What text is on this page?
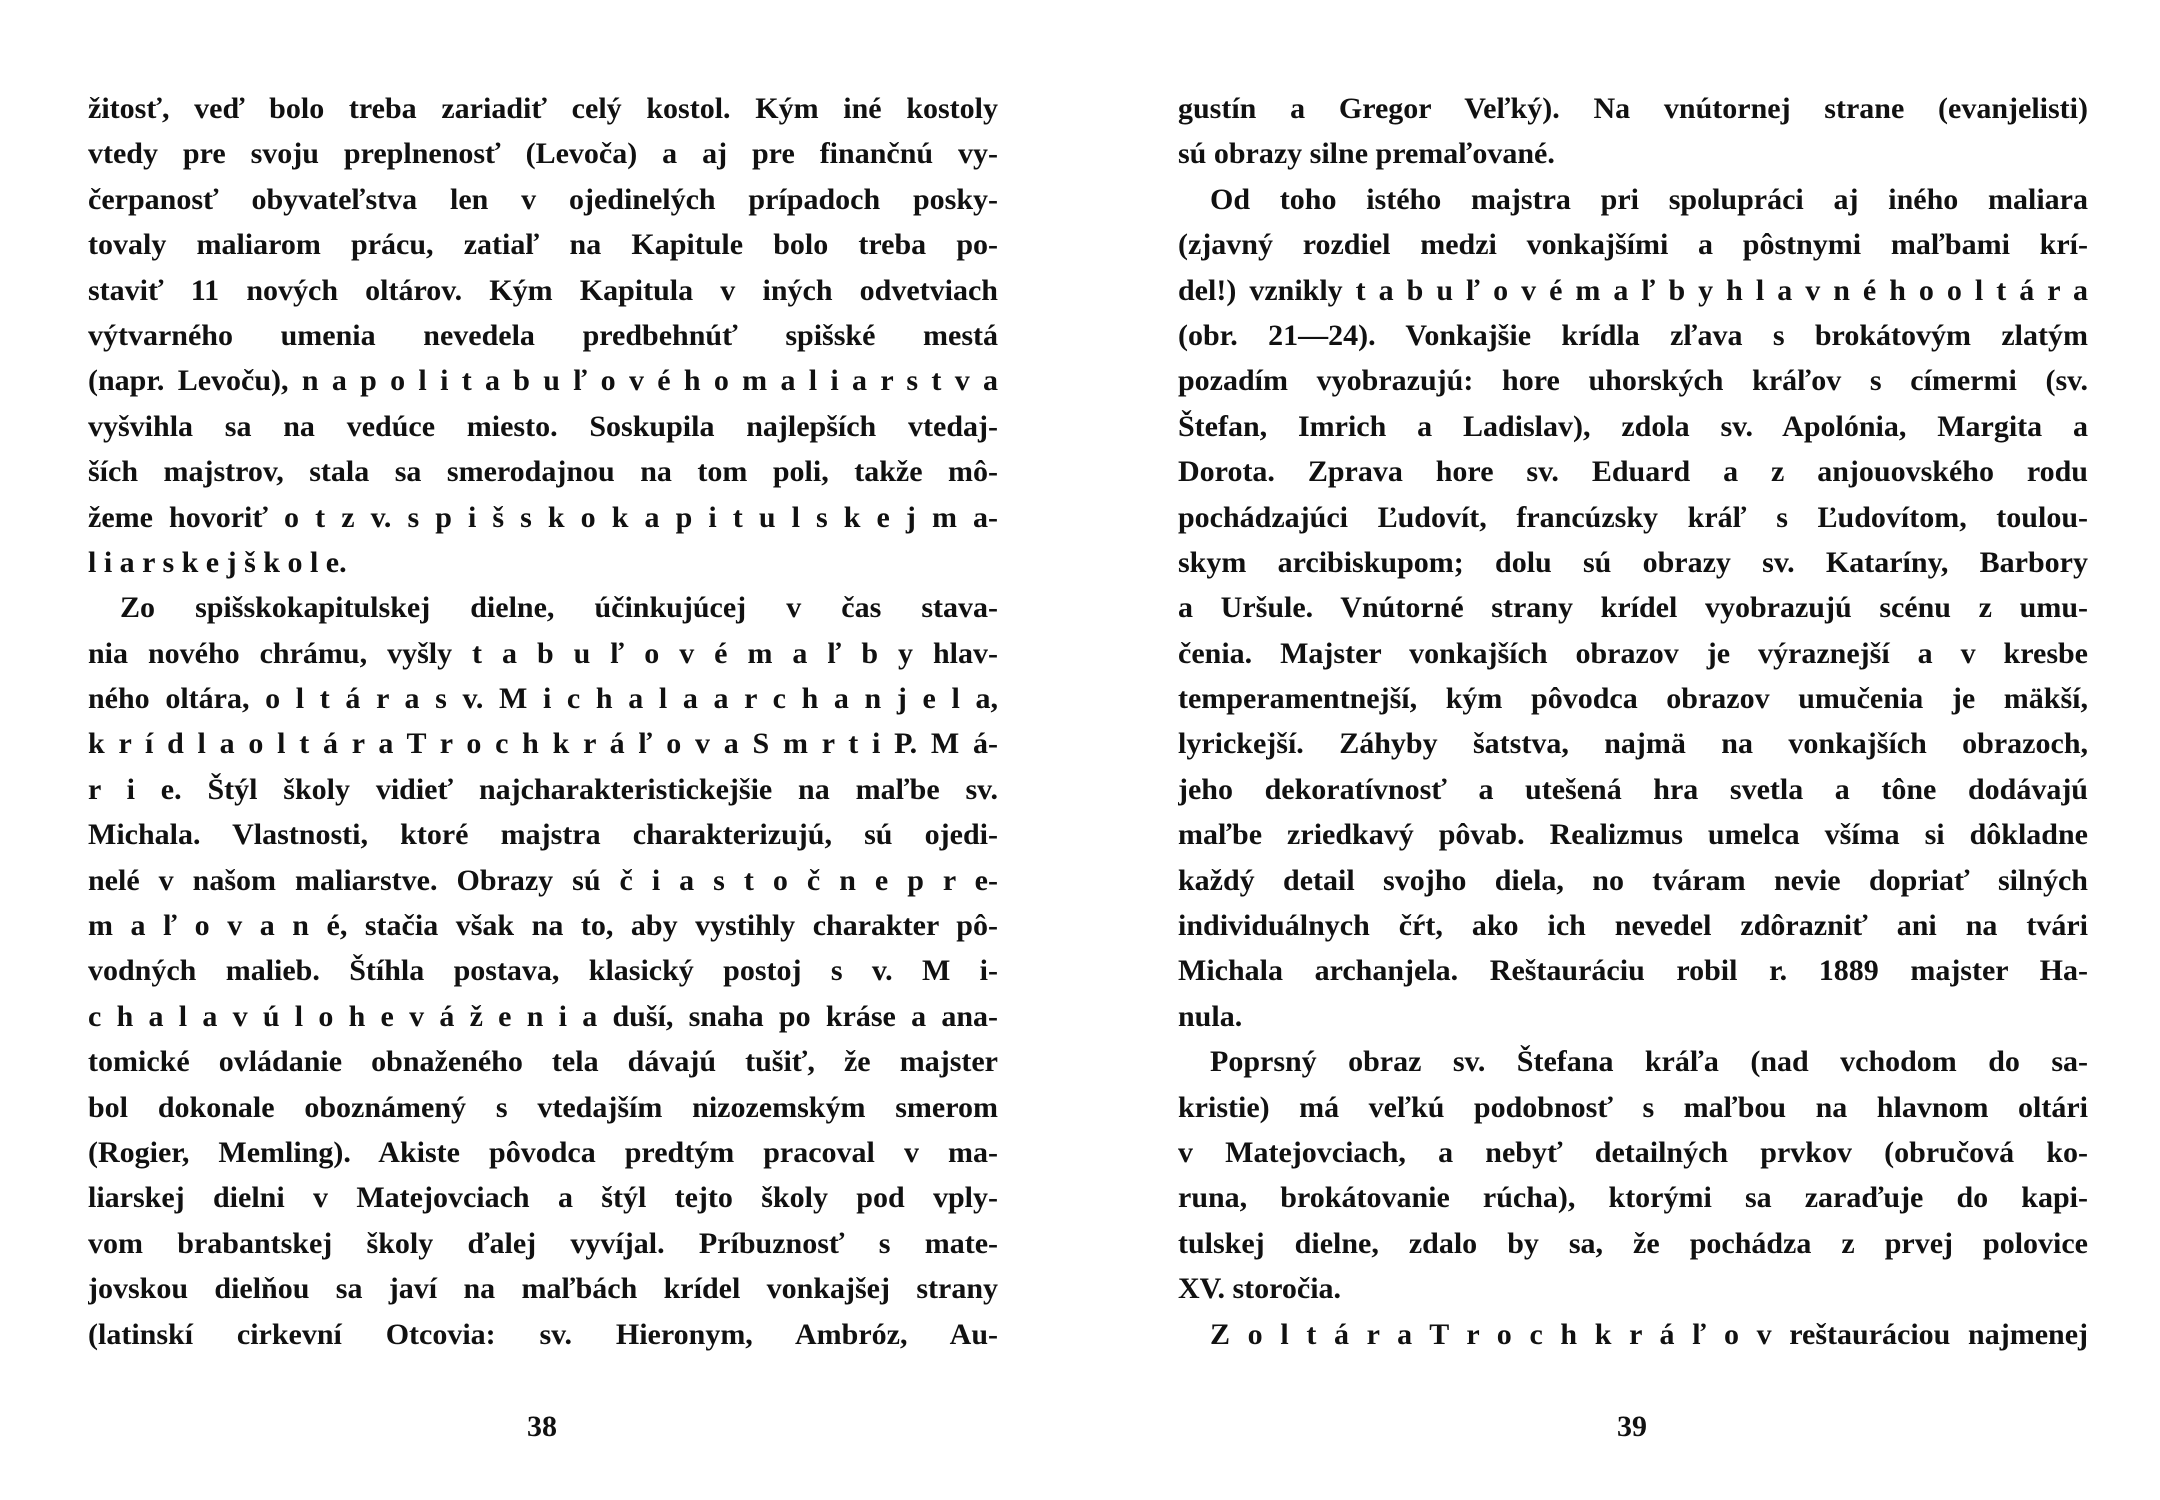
žitosť, veď bolo treba zariadiť celý kostol. Kým iné kostoly
vtedy pre svoju preplnenosť (Levoča) a aj pre finančnú vy-
čerpanosť obyvateľstva len v ojedinelých prípadoch posky-
tovaly maliarom prácu, zatiaľ na Kapitule bolo treba po-
staviť 11 nových oltárov. Kým Kapitula v iných odvetviach
výtvarného umenia nevedela predbehnúť spišské mestá
(napr. Levoču), n a p o l i t a b u ľ o v é h o m a l i a r s t v a
vyšvihla sa na vedúce miesto. Soskupila najlepších vtedaj-
ších majstrov, stala sa smerodajnou na tom poli, takže mô-
žeme hovoriť o t z v. s p i š s k o k a p i t u l s k e j m a-
l i a r s k e j š k o l e.
Zo spišskokapitulskej dielne, účinkujúcej v čas stava-
nia nového chrámu, vyšly t a b u ľ o v é m a ľ b y hlav-
ného oltára, o l t á r a s v. M i c h a l a a r c h a n j e l a,
k r í d l a o l t á r a T r o c h k r á ľ o v a S m r t i P. M á-
r i e. Štýl školy vidieť najcharakteristickejšie na maľbe sv.
Michala. Vlastnosti, ktoré majstra charakterizujú, sú ojedi-
nelé v našom maliarstve. Obrazy sú č i a s t o č n e p r e-
m a ľ o v a n é, stačia však na to, aby vystihly charakter pô-
vodných malieb. Štíhla postava, klasický postoj s v. M i-
c h a l a v ú l o h e v á ž e n i a duší, snaha po kráse a ana-
tomické ovládanie obnaženého tela dávajú tušiť, že majster
bol dokonale oboznámený s vtedajším nizozemským smerom
(Rogier, Memling). Akiste pôvodca predtým pracoval v ma-
liarskej dielni v Matejovciach a štýl tejto školy pod vply-
vom brabantskej školy ďalej vyvíjal. Príbuznosť s mate-
jovskou dielňou sa javí na maľbách krídel vonkajšej strany
(latinskí cirkevní Otcovia: sv. Hieronym, Ambróz, Au-
38
gustín a Gregor Veľký). Na vnútornej strane (evanjelisti)
sú obrazy silne premaľované.
Od toho istého majstra pri spolupráci aj iného maliara
(zjavný rozdiel medzi vonkajšími a pôstnymi maľbami krí-
del!) vznikly t a b u ľ o v é m a ľ b y h l a v n é h o o l t á r a
(obr. 21—24). Vonkajšie krídla zľava s brokátovým zlatým
pozadím vyobrazujú: hore uhorských kráľov s címermi (sv.
Štefan, Imrich a Ladislav), zdola sv. Apolónia, Margita a
Dorota. Zprava hore sv. Eduard a z anjouovského rodu
pochádzajúci Ľudovít, francúzsky kráľ s Ľudovítom, toulou-
skym arcibiskupom; dolu sú obrazy sv. Kataríny, Barbory
a Uršule. Vnútorné strany krídel vyobrazujú scénu z umu-
čenia. Majster vonkajších obrazov je výraznejší a v kresbe
temperamentnejší, kým pôvodca obrazov umučenia je mäkší,
lyrickejší. Záhyby šatstva, najmä na vonkajších obrazoch,
jeho dekoratívnosť a utešená hra svetla a tône dodávajú
maľbe zriedkavý pôvab. Realizmus umelca všíma si dôkladne
každý detail svojho diela, no tváram nevie dopriať silných
individuálnych čŕt, ako ich nevedel zdôrazniť ani na tvári
Michala archanjela. Reštauráciu robil r. 1889 majster Ha-
nula.
Poprsný obraz sv. Štefana kráľa (nad vchodom do sa-
kristie) má veľkú podobnosť s maľbou na hlavnom oltári
v Matejovciach, a nebyť detailných prvkov (obručová ko-
runa, brokátovanie rúcha), ktorými sa zaraďuje do kapi-
tulskej dielne, zdalo by sa, že pochádza z prvej polovice
XV. storočia.
Z o l t á r a T r o c h k r á ľ o v reštauráciou najmenej
39
